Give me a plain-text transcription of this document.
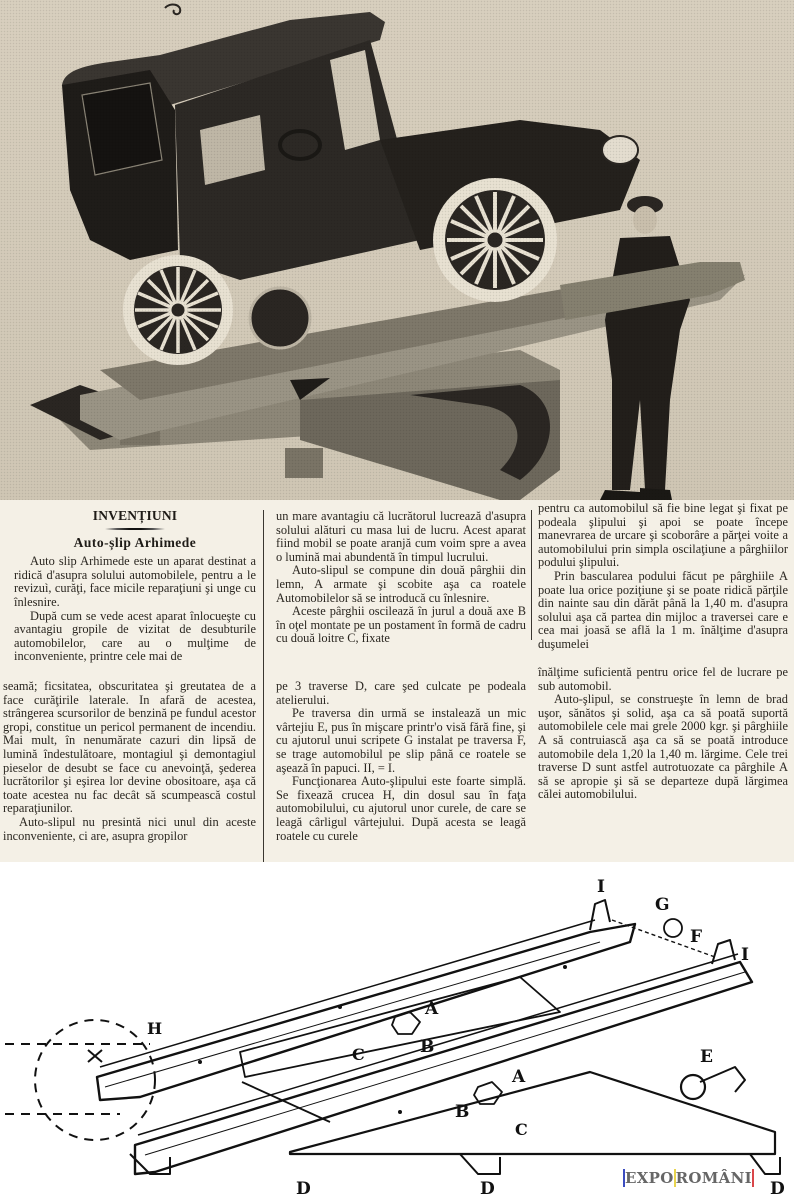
INVENȚIUNI
Auto-șlip Arhimede

Auto slip Arhimede este un aparat destinat a ridică d'asupra solului automobilele, pentru a le revizuì, curăţi, face micile reparaţiuni şi unge cu înlesnire.

După cum se vede acest aparat înlocueşte cu avantagiu gropile de vizitat de desubturile automobilelor, care au o mulţime de inconveniente, printre cele mai de

seamă; ficsitatea, obscuritatea şi greutatea de a face curăţirile laterale. In afară de acestea, strângerea scursorilor de benzină pe fundul acestor gropi, constitue un pericol permanent de incendiu. Mai mult, în nenumărate cazuri din lipsă de lumină îndestulătoare, montagiul şi demontagiul pieselor de desubt se face cu anevoinţă, şederea lucrătorilor şi eşirea lor devine obositoare, aşa că toate acestea nu fac decât să scumpească costul reparaţiunilor.

Auto-slipul nu presintă nici unul din aceste inconveniente, ci are, asupra gropilor

un mare avantagiu că lucrătorul lucrează d'asupra solului alături cu masa lui de lucru. Acest aparat fiind mobil se poate aranjă cum voim spre a avea o lumină mai abundentă în timpul lucrului.

Auto-slipul se compune din două pârghii din lemn, A armate şi scobite aşa ca roatele Automobilelor să se introducă cu înlesnire.

Aceste pârghii oscilează în jurul a două axe B în oţel montate pe un postament în formă de cadru cu două loitre C, fixate

pe 3 traverse D, care şed culcate pe podeala atelierului.

Pe traversa din urmă se instalează un mic vârtejiu E, pus în mişcare printr'o visă fără fine, şi cu ajutorul unui scripete G instalat pe traversa F, se trage automobilul pe slip până ce roatele se aşează în papuci. II, = I.

Funcţionarea Auto-şlipului este foarte simplă. Se fixează crucea H, din dosul sau în faţa automobilului, cu ajutorul unor curele, de care se leagă cârligul vârtejului. După acesta se leagă roatele cu curele

pentru ca automobilul să fie bine legat şi fixat pe podeala şlipului şi apoi se poate începe manevrarea de urcare şi scoborâre a părţei voite a automobilului prin simpla oscilaţiune a pârghiilor podului şlipului.

Prin bascularea podului făcut pe pârghiile A poate lua orice poziţiune şi se poate ridică părţile din nainte sau din dărăt până la 1,40 m. d'asupra solului aşa că partea din mijloc a traversei care e cea mai joasă se află la 1 m. înălţime d'asupra duşumelei

înălţime suficientă pentru orice fel de lucrare pe sub automobil.

Auto-şlipul, se construeşte în lemn de brad uşor, sănătos şi solid, aşa ca să poată suportă automobilele cele mai grele 2000 kgr. şi pârghiile A să contruiască aşa ca să se poată introduce automobile dela 1,20 la 1,40 m. lărgime. Cele trei traverse D sunt astfel autrotuozate ca pârghile A să se apropie şi să se departeze după lărgimea călei automobilului.

A
A
B
B
C
C
D	D	D
E
F
G
H
I
I
EXPO ROMÂNI
